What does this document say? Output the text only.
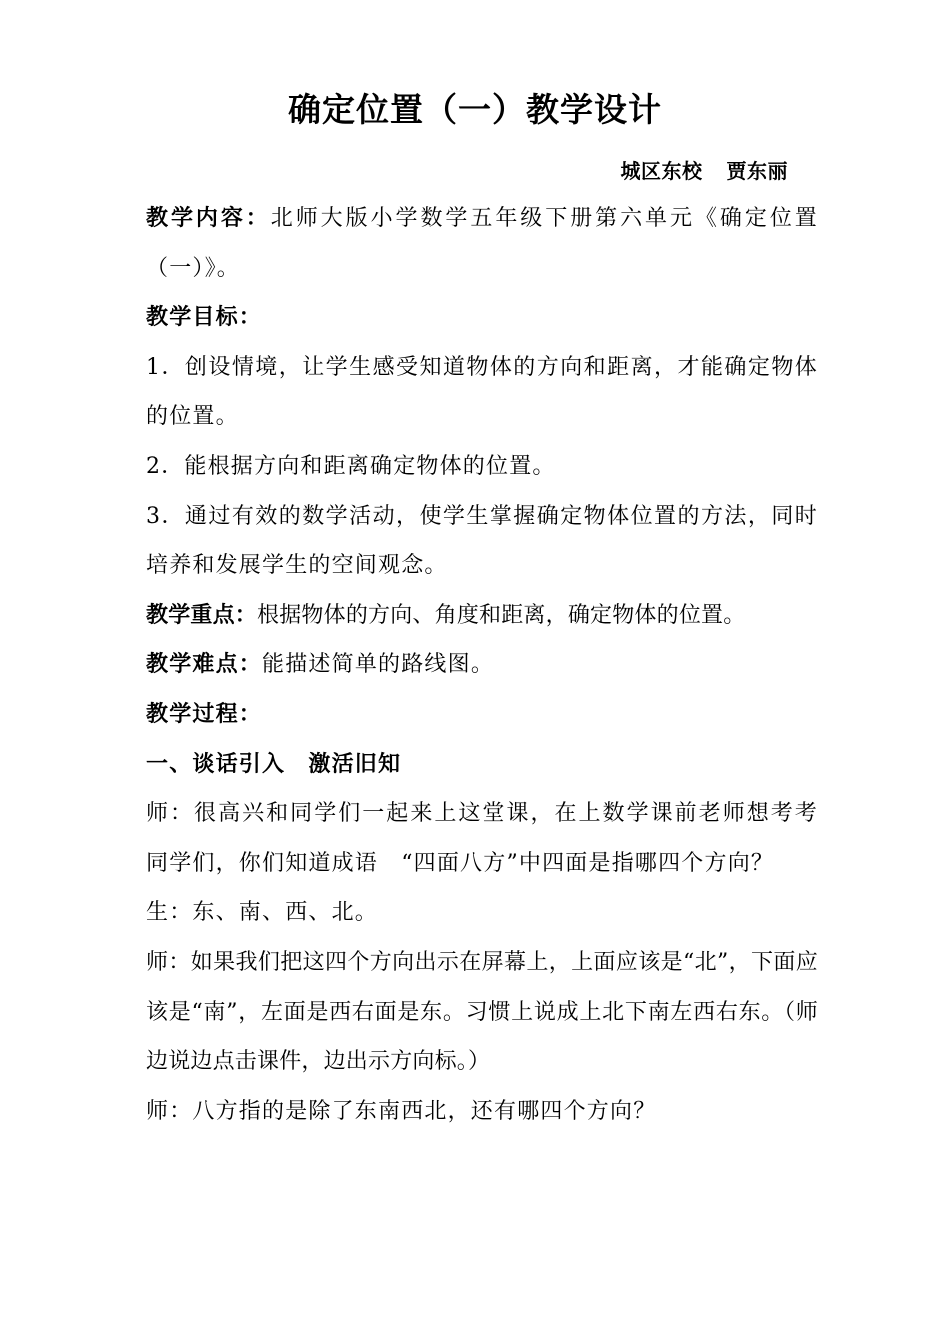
确定位置（一）教学设计
城区东校 贾东丽

教学内容：北师大版小学数学五年级下册第六单元《确定位置（一）》。

教学目标：

1．创设情境，让学生感受知道物体的方向和距离，才能确定物体的位置。

2．能根据方向和距离确定物体的位置。

3．通过有效的数学活动，使学生掌握确定物体位置的方法，同时培养和发展学生的空间观念。

教学重点：根据物体的方向、角度和距离，确定物体的位置。

教学难点：能描述简单的路线图。

教学过程：

一、谈话引入　激活旧知

师：很高兴和同学们一起来上这堂课，在上数学课前老师想考考同学们，你们知道成语　“四面八方”中四面是指哪四个方向？

生：东、南、西、北。

师：如果我们把这四个方向出示在屏幕上，上面应该是“北”，下面应该是“南”，左面是西右面是东。习惯上说成上北下南左西右东。（师边说边点击课件，边出示方向标。）

师：八方指的是除了东南西北，还有哪四个方向？
